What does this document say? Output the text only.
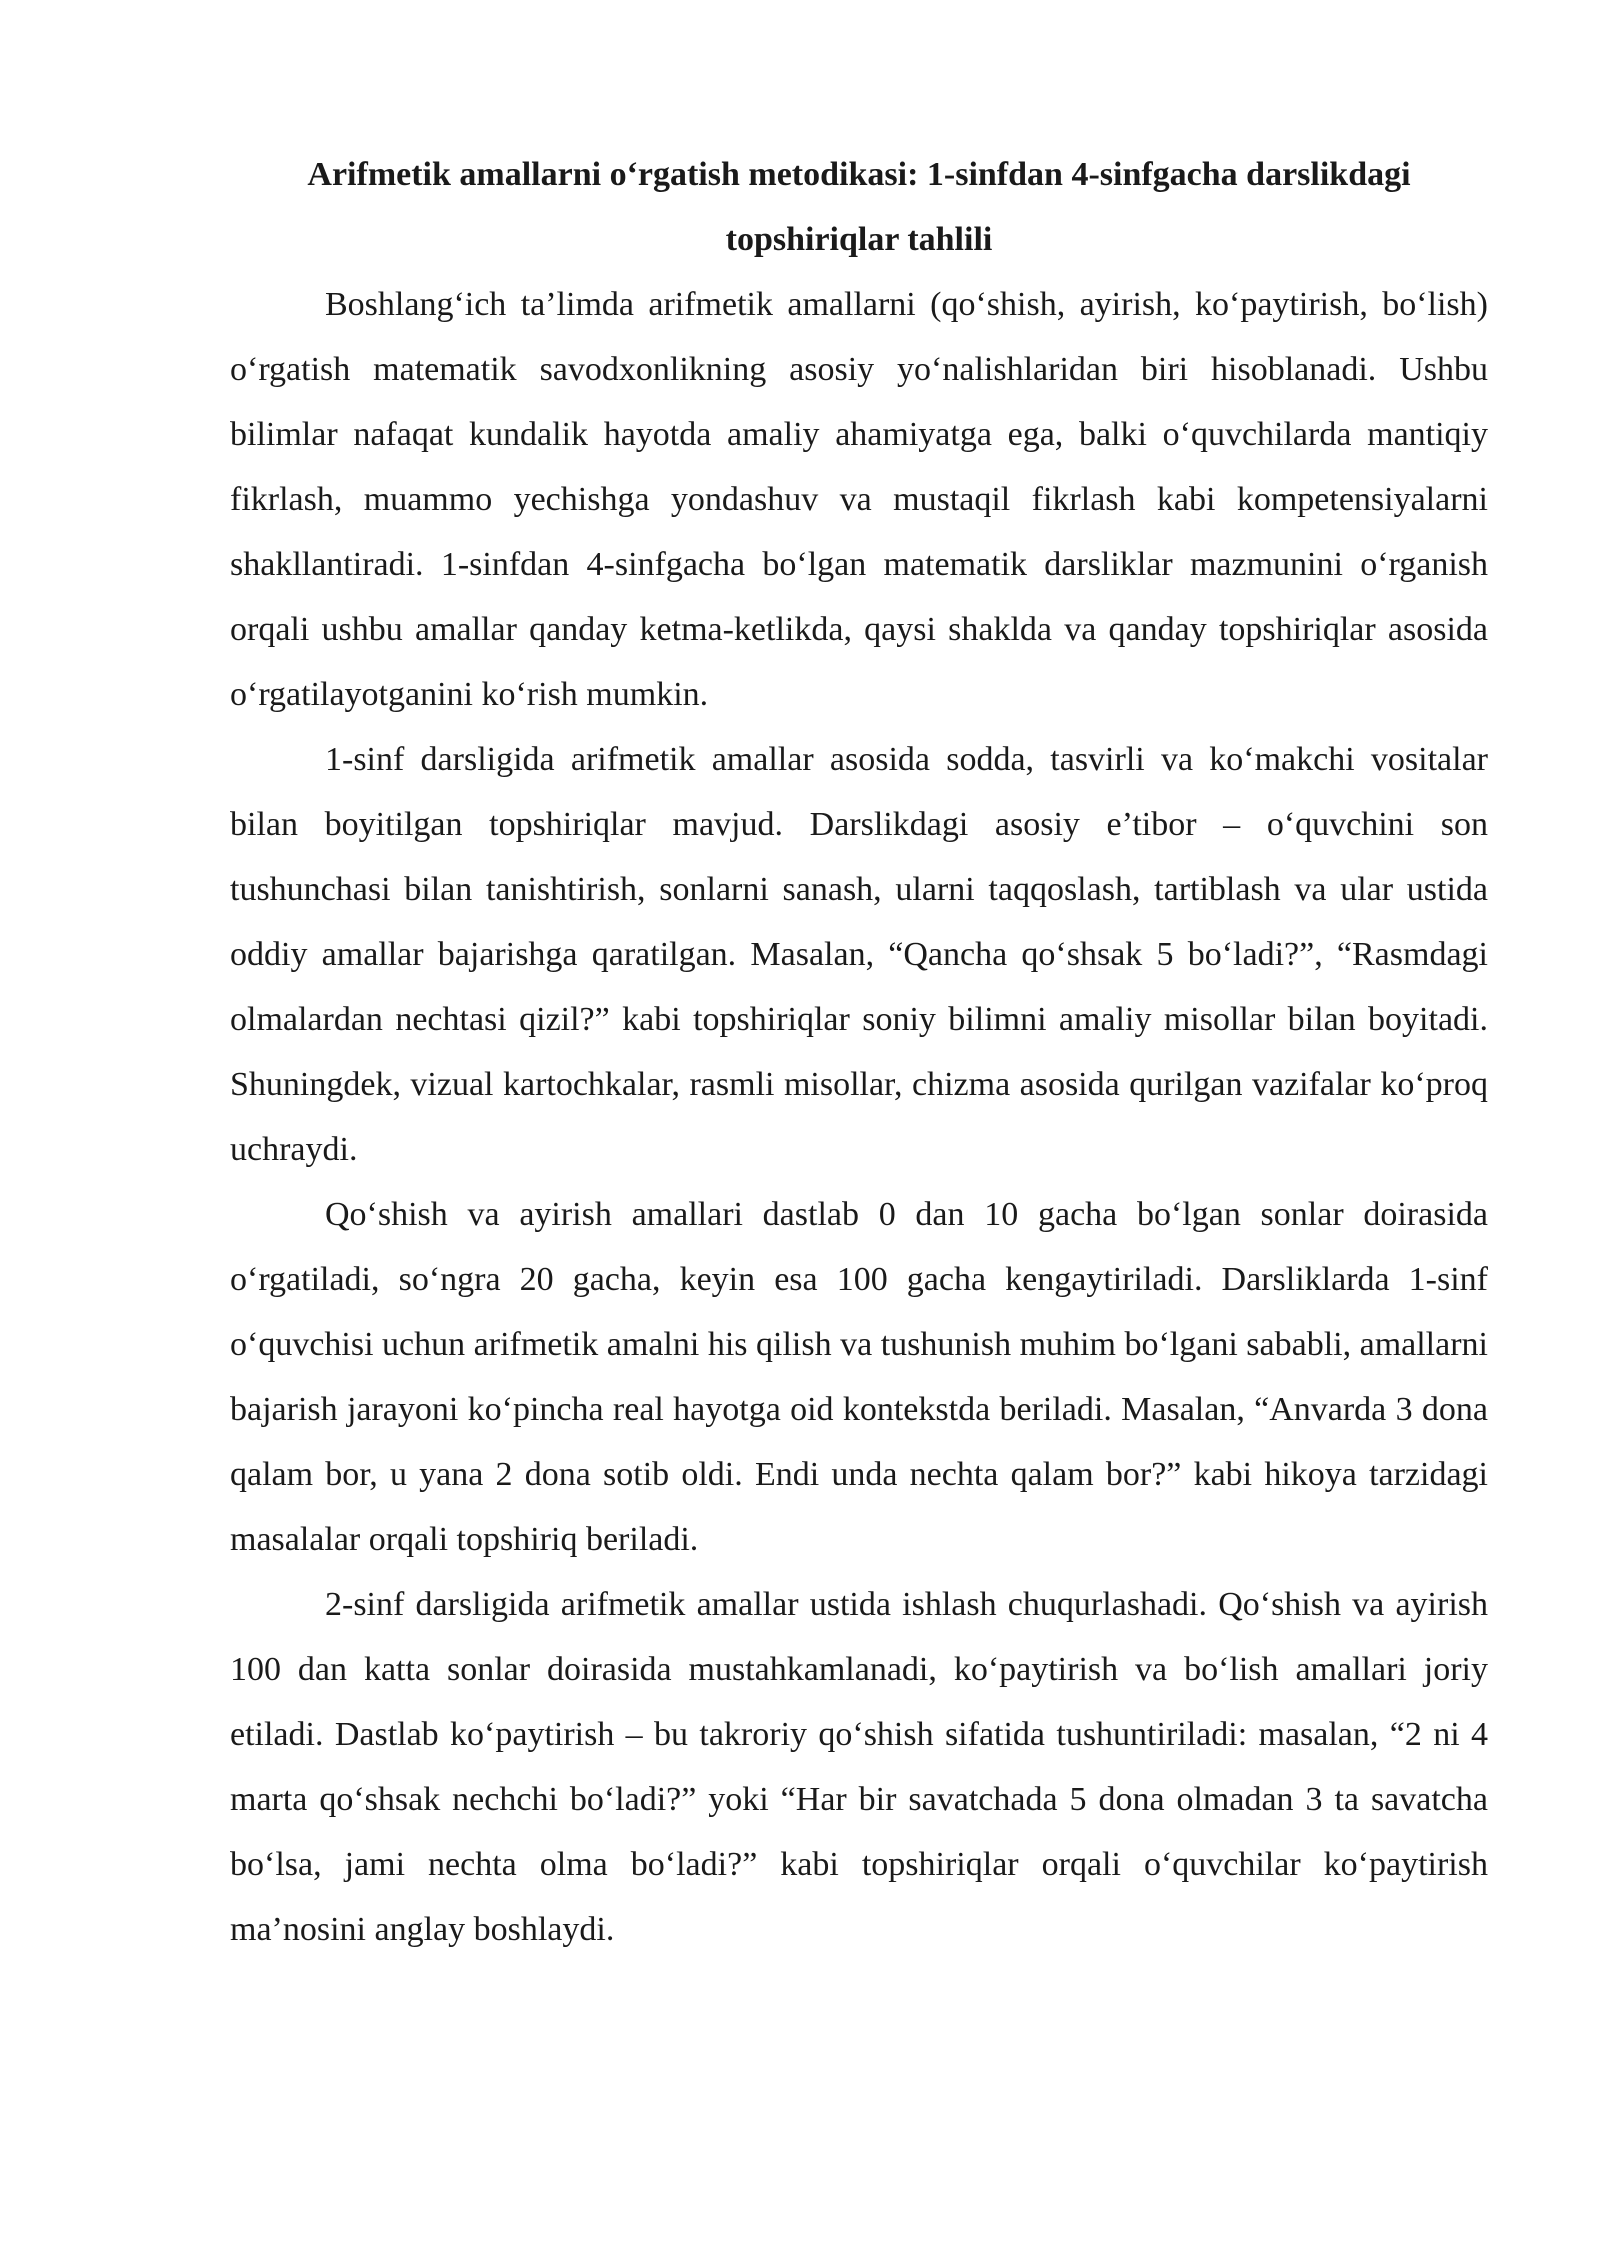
Arifmetik amallarni o‘rgatish metodikasi: 1-sinfdan 4-sinfgacha darslikdagi topshiriqlar tahlili

Boshlang‘ich ta’limda arifmetik amallarni (qo‘shish, ayirish, ko‘paytirish, bo‘lish) o‘rgatish matematik savodxonlikning asosiy yo‘nalishlaridan biri hisoblanadi. Ushbu bilimlar nafaqat kundalik hayotda amaliy ahamiyatga ega, balki o‘quvchilarda mantiqiy fikrlash, muammo yechishga yondashuv va mustaqil fikrlash kabi kompetensiyalarni shakllantiradi. 1-sinfdan 4-sinfgacha bo‘lgan matematik darsliklar mazmunini o‘rganish orqali ushbu amallar qanday ketma-ketlikda, qaysi shaklda va qanday topshiriqlar asosida o‘rgatilayotganini ko‘rish mumkin.

1-sinf darsligida arifmetik amallar asosida sodda, tasvirli va ko‘makchi vositalar bilan boyitilgan topshiriqlar mavjud. Darslikdagi asosiy e’tibor – o‘quvchini son tushunchasi bilan tanishtirish, sonlarni sanash, ularni taqqoslash, tartiblash va ular ustida oddiy amallar bajarishga qaratilgan. Masalan, “Qancha qo‘shsak 5 bo‘ladi?”, “Rasmdagi olmalardan nechtasi qizil?” kabi topshiriqlar soniy bilimni amaliy misollar bilan boyitadi. Shuningdek, vizual kartochkalar, rasmli misollar, chizma asosida qurilgan vazifalar ko‘proq uchraydi.

Qo‘shish va ayirish amallari dastlab 0 dan 10 gacha bo‘lgan sonlar doirasida o‘rgatiladi, so‘ngra 20 gacha, keyin esa 100 gacha kengaytiriladi. Darsliklarda 1-sinf o‘quvchisi uchun arifmetik amalni his qilish va tushunish muhim bo‘lgani sababli, amallarni bajarish jarayoni ko‘pincha real hayotga oid kontekstda beriladi. Masalan, “Anvarda 3 dona qalam bor, u yana 2 dona sotib oldi. Endi unda nechta qalam bor?” kabi hikoya tarzidagi masalalar orqali topshiriq beriladi.

2-sinf darsligida arifmetik amallar ustida ishlash chuqurlashadi. Qo‘shish va ayirish 100 dan katta sonlar doirasida mustahkamlanadi, ko‘paytirish va bo‘lish amallari joriy etiladi. Dastlab ko‘paytirish – bu takroriy qo‘shish sifatida tushuntiriladi: masalan, “2 ni 4 marta qo‘shsak nechchi bo‘ladi?” yoki “Har bir savatchada 5 dona olmadan 3 ta savatcha bo‘lsa, jami nechta olma bo‘ladi?” kabi topshiriqlar orqali o‘quvchilar ko‘paytirish ma’nosini anglay boshlaydi.
